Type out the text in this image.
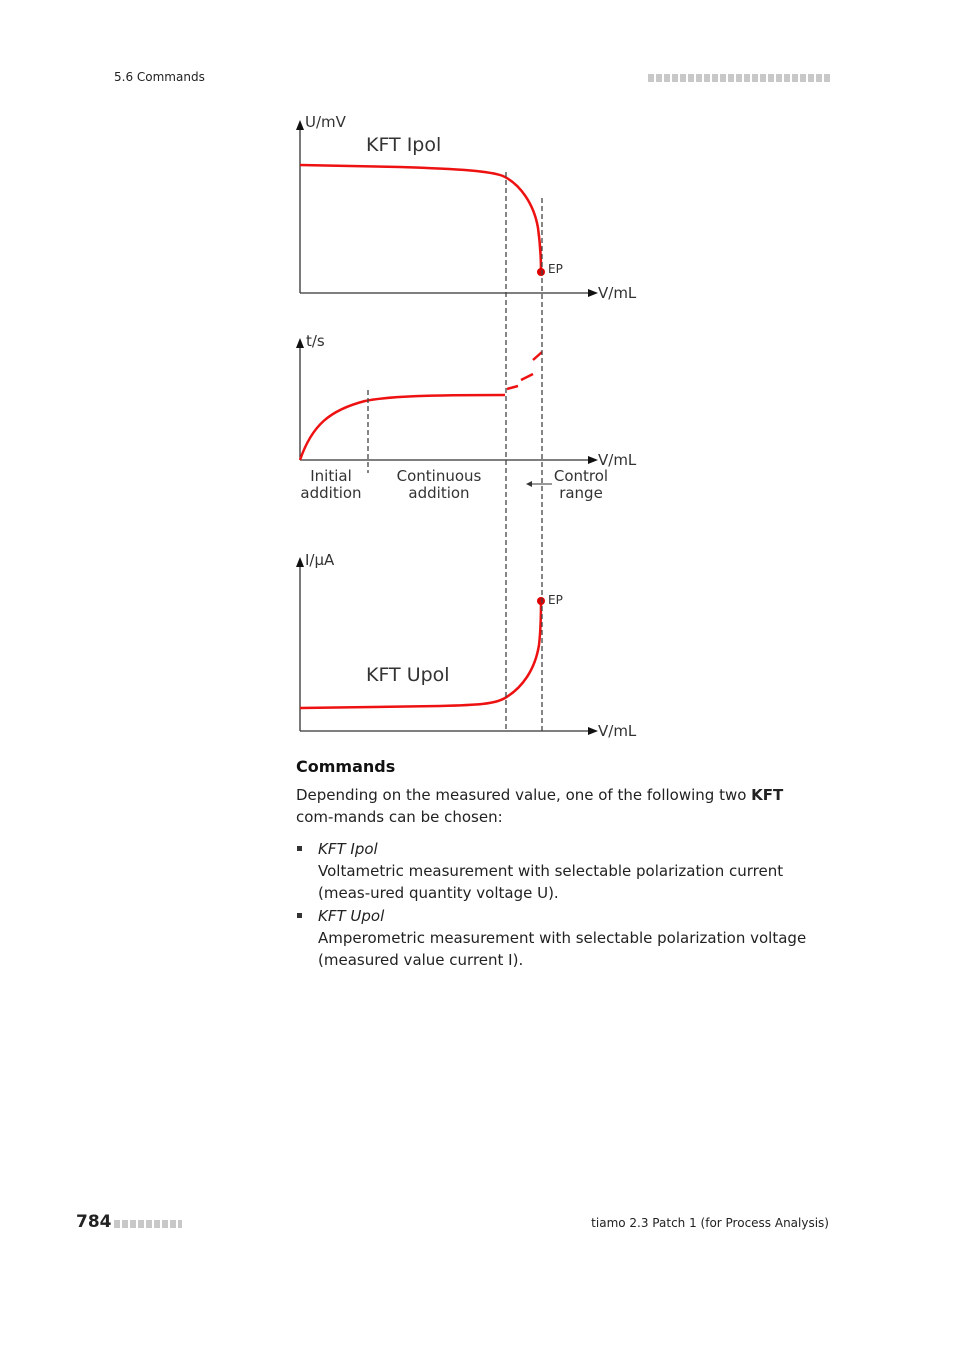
5.6 Commands
U/mV
V/mL
KFT Ipol
EP
t/s
V/mL
Initial
addition
Continuous
addition
Control
range
I/µA
V/mL
KFT Upol
EP
Commands
Depending on the measured value, one of the following two KFT com-mands can be chosen:
KFT Ipol
Voltametric measurement with selectable polarization current (meas-ured quantity voltage U).
KFT Upol
Amperometric measurement with selectable polarization voltage (measured value current I).
784	tiamo 2.3 Patch 1 (for Process Analysis)
